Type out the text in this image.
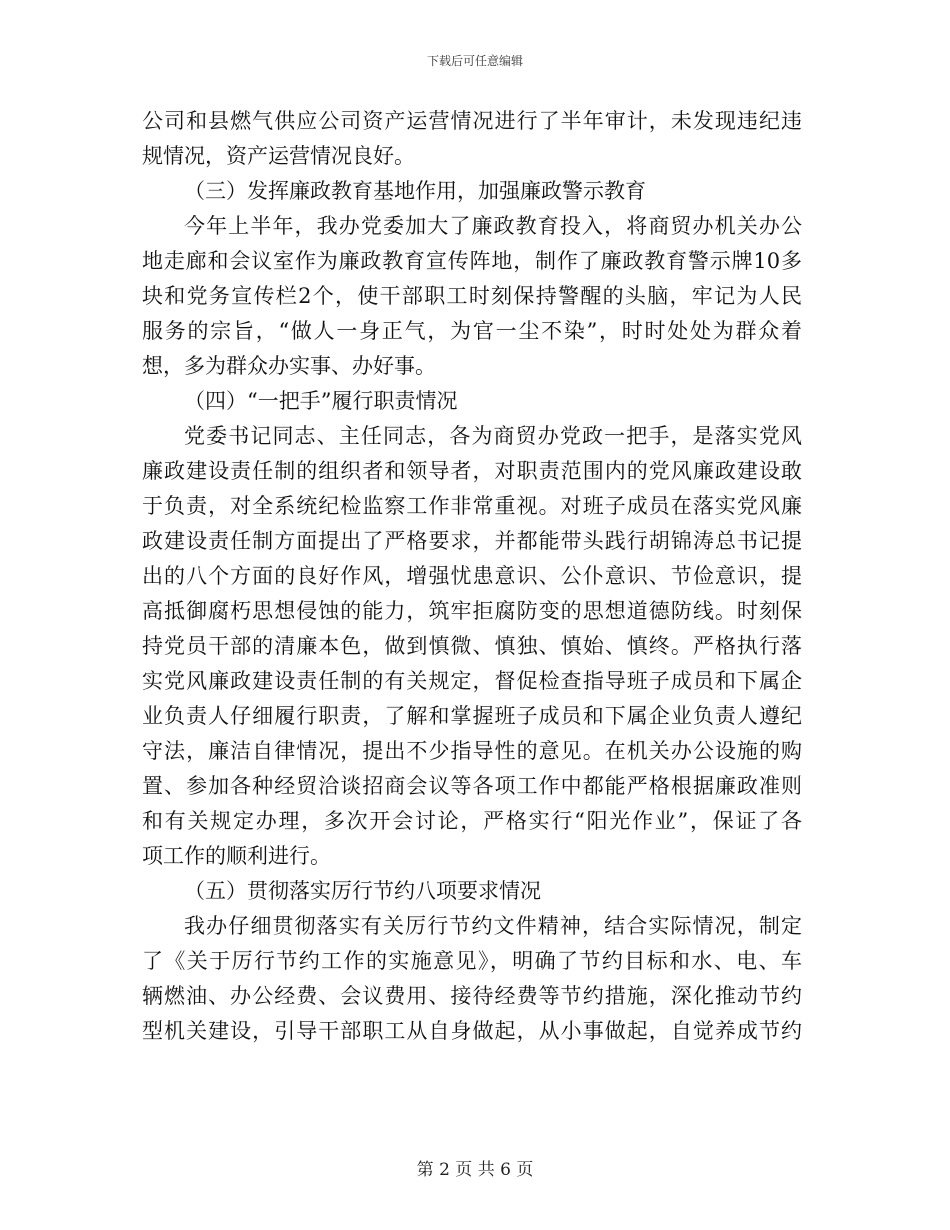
下载后可任意编辑
公司和县燃气供应公司资产运营情况进行了半年审计，未发现违纪违
规情况，资产运营情况良好。
（三）发挥廉政教育基地作用，加强廉政警示教育
今年上半年，我办党委加大了廉政教育投入，将商贸办机关办公
地走廊和会议室作为廉政教育宣传阵地，制作了廉政教育警示牌10多
块和党务宣传栏2个，使干部职工时刻保持警醒的头脑，牢记为人民
服务的宗旨，“做人一身正气，为官一尘不染”，时时处处为群众着
想，多为群众办实事、办好事。
（四）“一把手”履行职责情况
党委书记同志、主任同志，各为商贸办党政一把手，是落实党风
廉政建设责任制的组织者和领导者，对职责范围内的党风廉政建设敢
于负责，对全系统纪检监察工作非常重视。对班子成员在落实党风廉
政建设责任制方面提出了严格要求，并都能带头践行胡锦涛总书记提
出的八个方面的良好作风，增强忧患意识、公仆意识、节俭意识，提
高抵御腐朽思想侵蚀的能力，筑牢拒腐防变的思想道德防线。时刻保
持党员干部的清廉本色，做到慎微、慎独、慎始、慎终。严格执行落
实党风廉政建设责任制的有关规定，督促检查指导班子成员和下属企
业负责人仔细履行职责，了解和掌握班子成员和下属企业负责人遵纪
守法，廉洁自律情况，提出不少指导性的意见。在机关办公设施的购
置、参加各种经贸洽谈招商会议等各项工作中都能严格根据廉政准则
和有关规定办理，多次开会讨论，严格实行“阳光作业”，保证了各
项工作的顺利进行。
（五）贯彻落实厉行节约八项要求情况
我办仔细贯彻落实有关厉行节约文件精神，结合实际情况，制定
了《关于厉行节约工作的实施意见》，明确了节约目标和水、电、车
辆燃油、办公经费、会议费用、接待经费等节约措施，深化推动节约
型机关建设，引导干部职工从自身做起，从小事做起，自觉养成节约
第 2 页 共 6 页
